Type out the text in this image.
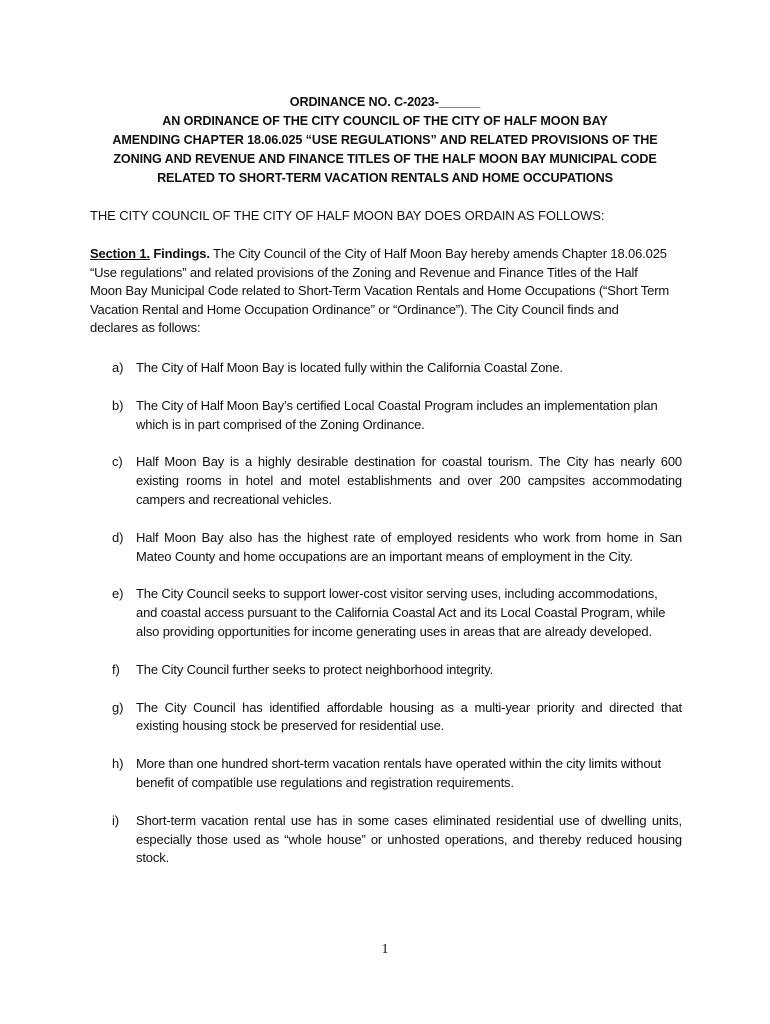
ORDINANCE NO. C-2023-______
AN ORDINANCE OF THE CITY COUNCIL OF THE CITY OF HALF MOON BAY
AMENDING CHAPTER 18.06.025 “USE REGULATIONS” AND RELATED PROVISIONS OF THE
ZONING AND REVENUE AND FINANCE TITLES OF THE HALF MOON BAY MUNICIPAL CODE
RELATED TO SHORT-TERM VACATION RENTALS AND HOME OCCUPATIONS
THE CITY COUNCIL OF THE CITY OF HALF MOON BAY DOES ORDAIN AS FOLLOWS:
Section 1. Findings. The City Council of the City of Half Moon Bay hereby amends Chapter 18.06.025 “Use regulations” and related provisions of the Zoning and Revenue and Finance Titles of the Half Moon Bay Municipal Code related to Short-Term Vacation Rentals and Home Occupations (“Short Term Vacation Rental and Home Occupation Ordinance” or “Ordinance”). The City Council finds and declares as follows:
a) The City of Half Moon Bay is located fully within the California Coastal Zone.
b) The City of Half Moon Bay’s certified Local Coastal Program includes an implementation plan which is in part comprised of the Zoning Ordinance.
c) Half Moon Bay is a highly desirable destination for coastal tourism. The City has nearly 600 existing rooms in hotel and motel establishments and over 200 campsites accommodating campers and recreational vehicles.
d) Half Moon Bay also has the highest rate of employed residents who work from home in San Mateo County and home occupations are an important means of employment in the City.
e) The City Council seeks to support lower-cost visitor serving uses, including accommodations, and coastal access pursuant to the California Coastal Act and its Local Coastal Program, while also providing opportunities for income generating uses in areas that are already developed.
f) The City Council further seeks to protect neighborhood integrity.
g) The City Council has identified affordable housing as a multi-year priority and directed that existing housing stock be preserved for residential use.
h) More than one hundred short-term vacation rentals have operated within the city limits without benefit of compatible use regulations and registration requirements.
i) Short-term vacation rental use has in some cases eliminated residential use of dwelling units, especially those used as “whole house” or unhosted operations, and thereby reduced housing stock.
1
